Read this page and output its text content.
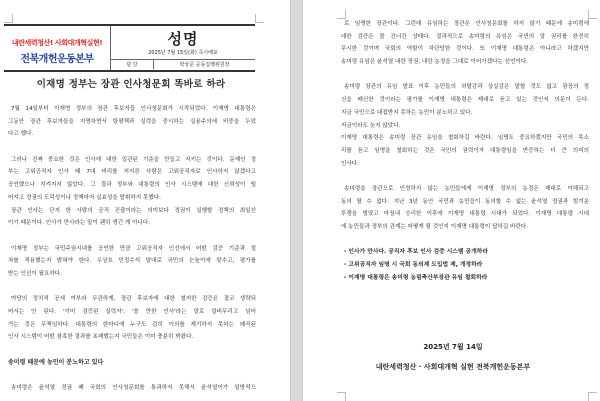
내란세력청산! 사회대개혁실현!
전북개헌운동본부
성명
2025년 7월 15일(화) 즉시배포
담 당	박상준 공동집행위원장
이재명 정부는 장관 인사청문회 똑바로 하라
7월 14일부터 이재명 정부의 장관 후보자들 인사청문회가 시작되었다. 이재명 대통령은
그동안 장관 후보자들을 지명하면서 탕평책과 실력을 중시하는 실용주의에 비중을 두었
다고 했다.
그러나 진짜 중요한 것은 인사에 대한 일관된 기준을 만들고 지키는 것이다. 문재인 정
부는 고위공직자 인사 때 7대 비리를 저지른 사람은 고위공직자로 인사하지 않겠다고
공언했으나 지켜지지 않았다. 그 결과 정부와 대통령의 인사 시스템에 대한 신뢰성이 떨
어지고 정권의 도덕성이나 정책마저 실효성을 발휘하지 못했다.
장관 인사는 단지 한 사람의 공직 진출이라는 의미보다 정권이 실행할 정책의 최일선
이기 때문이다. 인사가 만사라는 말이 괜히 생긴 게 아니다.
이재명 정부는 국민주권시대를 공언한 만큼 고위공직자 인선에서 어떤 검증 기준과 절
차를 적용했는지 밝혀야 한다. 우상호 민정수석 말대로 국민의 눈높이에 맞추고, 평가를
받는 인선이 필요하다.
야당의 정치적 공세 여부와 무관하게, 장관 후보자에 대한 철저한 검증은 결코 생략되
어서는 안 된다. '이미 검증된 실력자', '쓸 만한 인사'라는 말로 얼버무리고 넘어
가는 것은 무책임하다. 대통령의 한마디에 누구도 감히 이의를 제기하지 못하는 왜곡된
인사 시스템이 어떤 참혹한 결과를 초래했는지 국민들은 이미 충분히 봐왔다.
송미령 때문에 농민이 분노하고 있다
송미령은 윤석열 정권 때 국회의 인사청문회를 통과하지 못해서 윤석열이가 일방적으
로 임명한 장관이다. 그런데 유임하는 장관은 인사청문회를 하지 않기 때문에 송미령에
대한 검증은 물 건너간 상태다. 결과적으로 송미령의 유임은 국민의 알 권리를 완전히
무시한 것이며 국회의 역할이 차단당한 것이다. 또 이재명 대통령은 아니라고 하겠지만
송미령 유임은 윤석열 내란 정권, 내란 농정을 그대로 이어가겠다는 선언이다.
송미령 장관의 유임 발표 이후 농민들의 허탈감과 상실감은 말할 것도 없고 광장의 정
신을 배신한 것이라는 평가를 이재명 대통령은 제대로 듣고 있는 것인지 의문이 든다.
지금 국민으로 대접받지 못하는 농민이 분노하고 있다.
지금이라도 늦지 않았다.
이재명 대통령은 송미령 장관 유임을 철회하길 바란다. 임명도 중요하겠지만 국민의 목소
리를 듣고 임명을 철회하는 것은 국민의 권력이자 대통령임을 반증하는 더 큰 의미의
인사다.
송미령을 장관으로 인정하지 않는 농민들에게 이재명 정부의 농정은 제대로 이해되고
동의 될 수 없다. 지난 3년 동안 국민과 농민들이 동의할 수 없는 윤석열 정권과 힘겨운
투쟁을 벌였고 마침내 승리한 이후에 이재명 대통령 시대가 되었다. 이재명 대통령 시대
에 농민들과 정부의 관계는 어떻게 될 것인지 이재명 대통령이 답하길 바란다.
- 인사가 만사다. 공직자 후보 인사 검증 시스템 공개하라
- 고위공직자 임명 시 국회 동의제 도입법 제, 개정하라
- 이재명 대통령은 송미령 농림축산부장관 유임 철회하라
2025년 7월 14일
내란세력청산 · 사회대개혁 실현 전북개헌운동본부
